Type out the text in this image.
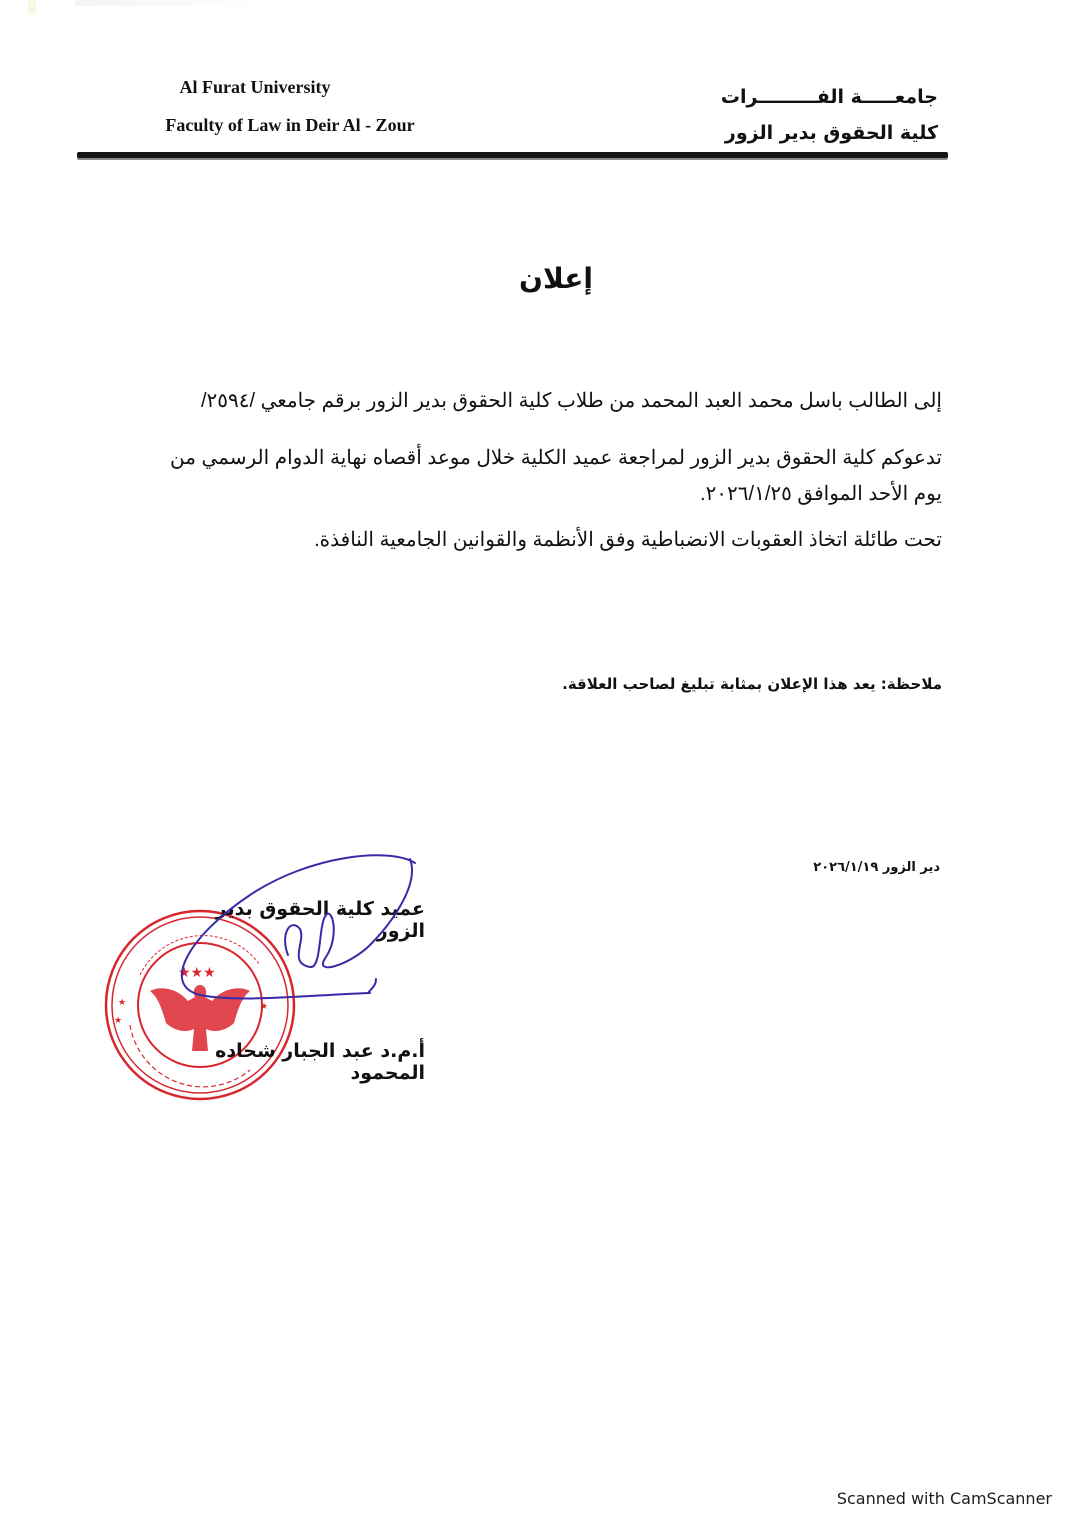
Al Furat University
Faculty of Law in Deir Al - Zour
جامعـــــة الفـــــــــرات
كلية الحقوق بدير الزور
إعلان
إلى الطالب باسل محمد العبد المحمد من طلاب كلية الحقوق بدير الزور برقم جامعي /٢٥٩٤/
تدعوكم كلية الحقوق بدير الزور لمراجعة عميد الكلية خلال موعد أقصاه نهاية الدوام الرسمي من يوم الأحد الموافق ٢٠٢٦/١/٢٥.
تحت طائلة اتخاذ العقوبات الانضباطية وفق الأنظمة والقوانين الجامعية النافذة.
ملاحظة: يعد هذا الإعلان بمثابة تبليغ لصاحب العلاقة.
دير الزور ٢٠٢٦/١/١٩
★★★
★
★	★
عميد كلية الحقوق بدير الزور
أ.م.د عبد الجبار شحاده المحمود
Scanned with CamScanner
